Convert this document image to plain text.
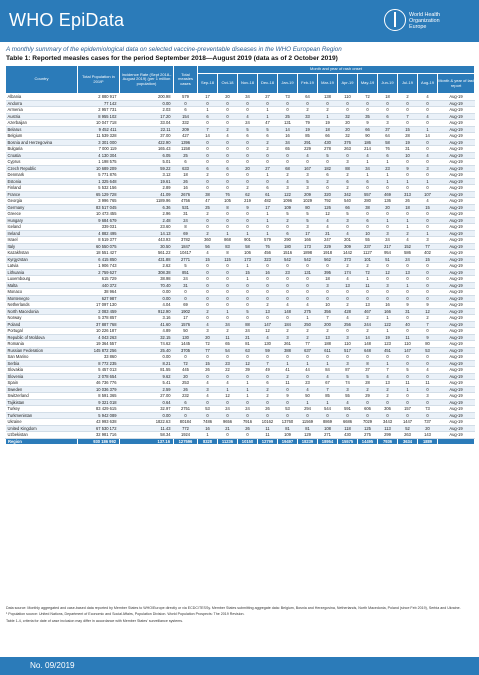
WHO EpiData	World Health
Organization
Europe
A monthly summary of the epidemiological data on selected vaccine-preventable diseases in the WHO European Region
Table 1: Reported measles cases for the period September 2018—August 2019 (data as of 2 October 2019)
Country	Total Population in 2019¹	Incidence Rate (Sept 2018–August 2019) (per 1 million population)	Total measles cases	Month and year of rash onset												
				Sep-18	Oct-18	Nov-18	Dec-18	Jan-19	Feb-19	Mar-19	Apr-19	May-19	Jun-19	Jul-19	Aug-19	Month & year of last report
Albania	2 880 917	200.98	579	17	20	34	27	73	64	138	110	72	18	2	4	Aug-19
Andorra	77 142	0.00	0	0	0	0	0	0	0	0	0	0	0	0	0	Aug-19
Armenia	2 957 731	2.03	6	1	0	0	1	0	2	2	0	0	0	0	0	Aug-19
Austria	8 955 102	17.20	154	6	0	4	1	25	33	1	32	35	6	7	4	Aug-19
Azerbaijan	10 047 718	33.04	332	0	0	24	47	131	79	19	20	9	3	0	0	Aug-19
Belarus	9 452 411	22.11	209	7	2	5	5	14	19	18	20	66	37	15	1	Aug-19
Belgium	11 539 328	37.00	427	14	4	6	6	16	85	66	32	90	64	28	14	Aug-19
Bosnia and Herzegovina	3 301 000	422.90	1396	0	0	0	2	34	291	430	376	186	58	19	0	Aug-19
Bulgaria	7 000 119	165.43	1158	0	0	0	2	65	229	278	263	214	76	31	0	Aug-19
Croatia	4 130 304	6.05	25	0	0	0	0	0	4	5	0	4	6	10	4	Aug-19
Cyprus	1 198 575	5.01	6	0	0	0	0	0	0	0	3	1	1	0	0	Aug-19
Czech Republic	10 689 209	59.22	633	6	6	20	27	68	167	182	88	34	23	9	3	Aug-19
Denmark	5 771 876	3.12	18	2	0	0	1	2	3	6	2	1	1	0	0	Aug-19
Estonia	1 325 648	19.61	26	0	0	0	0	4	5	2	6	6	1	1	1	Aug-19
Finland	5 532 156	2.89	16	0	0	2	6	3	3	0	2	0	0	0	0	Aug-19
France	65 129 728	41.09	2676	38	76	62	61	122	209	320	342	557	469	313	107	Aug-19
Georgia	3 996 765	1189.96	4756	47	105	219	482	1096	1029	792	540	280	136	26	4	Aug-19
Germany	83 517 045	6.36	531	25	8	9	17	109	80	126	66	38	20	18	15	Aug-19
Greece	10 473 455	2.96	31	2	0	0	1	5	5	12	5	0	0	0	0	Aug-19
Hungary	9 684 679	2.48	24	0	0	0	1	2	5	4	3	6	1	1	0	Aug-19
Iceland	339 031	23.60	8	0	0	0	0	0	3	4	0	0	0	1	0	Aug-19
Ireland	4 882 495	14.13	69	2	1	1	1	6	17	21	4	10	3	2	1	Aug-19
Israel	8 519 377	443.93	3782	360	868	901	579	290	166	247	201	55	24	4	3	Aug-19
Italy	60 550 075	30.50	1847	56	83	58	76	180	173	229	309	237	217	152	77	Aug-19
Kazakhstan	18 551 427	561.22	10417	4	8	106	456	1516	1898	1918	1442	1127	954	586	402	Aug-19
Kyrgyzstan	6 415 850	431.88	2771	15	115	173	323	542	542	562	373	101	51	24	15	Aug-19
Latvia	1 906 743	2.62	5	0	0	1	0	0	0	0	2	2	0	0	0	Aug-19
Lithuania	2 759 627	308.38	851	0	0	15	16	23	131	395	174	72	12	13	0	Aug-19
Luxembourg	615 729	38.98	24	0	0	1	0	0	0	18	4	1	0	0	0	Aug-19
Malta	440 372	70.40	31	0	0	0	0	0	0	3	13	11	3	1	0	Aug-19
Monaco	38 964	0.00	0	0	0	0	0	0	0	0	0	0	0	0	0	Aug-19
Montenegro	627 987	0.00	0	0	0	0	0	0	0	0	0	0	0	0	0	Aug-19
Netherlands	17 097 130	4.04	69	0	0	0	2	4	4	10	2	13	16	9	9	Aug-19
North Macedonia	2 083 459	912.90	1902	2	1	5	13	148	275	356	428	467	166	31	12	Aug-19
Norway	5 378 857	3.16	17	0	0	0	0	0	1	7	4	2	1	0	2	Aug-19
Poland	37 887 768	41.60	1576	4	34	88	147	184	250	200	256	244	122	40	7	Aug-19
Portugal	10 226 187	4.89	50	3	2	24	12	2	2	2	0	2	1	0	0	Aug-19
Republic of Moldova	4 043 263	32.15	130	20	11	21	4	3	2	13	3	14	19	11	9	Aug-19
Romania	19 364 557	74.62	1445	72	65	81	130	261	77	188	110	148	123	110	80	Aug-19
Russian Federation	145 872 256	25.40	3705	77	54	63	59	388	637	611	517	648	451	147	53	Aug-19
San Marino	33 860	0.00	0	0	0	0	0	0	0	0	0	0	0	0	0	Aug-19
Serbia	8 772 235	8.21	72	15	23	12	7	1	1	1	3	8	1	0	0	Aug-19
Slovakia	5 457 013	81.55	445	26	22	39	49	41	44	84	87	37	7	5	4	Aug-19
Slovenia	2 078 654	9.62	20	0	0	0	0	2	0	4	5	5	4	0	0	Aug-19
Spain	46 736 776	5.41	253	4	4	1	6	11	23	67	74	28	13	11	11	Aug-19
Sweden	10 036 379	2.59	26	3	1	1	2	0	4	7	3	2	2	1	0	Aug-19
Switzerland	8 591 365	27.00	232	4	12	1	2	9	50	85	55	29	2	0	3	Aug-19
Tajikistan	9 321 018	0.64	6	0	0	0	0	0	1	1	4	0	0	0	0	Aug-19
Turkey	83 429 615	32.97	2751	53	24	24	26	53	294	544	591	606	306	157	73	Aug-19
Turkmenistan	5 942 089	0.00	0	0	0	0	0	0	0	0	0	0	0	0	0	Aug-19
Ukraine	43 993 638	1822.63	80184	7486	9656	7916	10162	13760	11569	8869	6686	7029	3443	1447	737	Aug-19
United Kingdom	67 530 172	11.43	772	16	21	26	11	81	81	108	118	125	113	52	20	Aug-19
Uzbekistan	32 981 716	58.34	1924	1	0	0	11	109	129	271	430	275	299	263	143	Aug-19
Region	930 186 992	137.16	127596	8328	11236	10150	12799	19497	18239	18954	15575	14495	7936	3634	1889	

Data source: Monthly aggregated and case-based data reported by Member States to WHO/Europe directly or via ECDC/TESSy. Member States submitting aggregate data: Belgium, Bosnia and Herzegovina, Netherlands, North Macedonia, Poland (since Feb 2019), Serbia and Ukraine.

¹ Population source: United Nations, Department of Economic and Social Affairs, Population Division. World Population Prospects: The 2019 Revision.

Table 1-4, criteria for date of case inclusion may differ in accordance with Member States' surveillance systems.

No. 09/2019
